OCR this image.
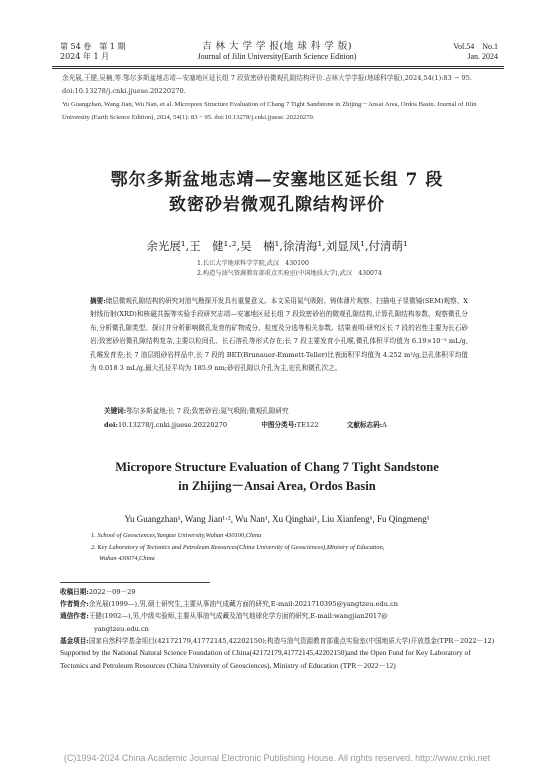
第 54 卷　第 1 期
2024 年 1 月
吉 林 大 学 学 报(地 球 科 学 版)
Journal of Jilin University(Earth Science Edition)
Vol.54　No.1
Jan. 2024
余光展,王健,吴楠,等.鄂尔多斯盆地志靖—安塞地区延长组 7 段致密砂岩微观孔隙结构评价.吉林大学学报(地球科学版),2024,54(1):83 − 95. doi:10.13278/j.cnki.jjuese.20220270.
Yu Guangzhan, Wang Jian, Wu Nan, et al. Micropore Structure Evaluation of Chang 7 Tight Sandstone in Zhijing－Ansai Area, Ordos Basin. Journal of Jilin University (Earth Science Edition), 2024, 54(1): 83 − 95. doi:10.13278/j.cnki.jjuese. 20220270.
鄂尔多斯盆地志靖—安塞地区延长组 7 段
致密砂岩微观孔隙结构评价
余光展¹,王　健¹·²,吴　楠¹,徐清海¹,刘显凤¹,付清萌¹
1.长江大学地球科学学院,武汉　430100
2.构造与油气资源教育部重点实验室(中国地质大学),武汉　430074
摘要:储层微观孔隙结构的研究对油气勘探开发具有重要意义。本文采用氮气吸附、铸体薄片观察、扫描电子显微镜(SEM)观察、X 射线衍射(XRD)和核磁共振等实验手段研究志靖—安塞地区延长组 7 段致密砂岩的微观孔隙结构,计算孔隙结构参数、观察微孔分布,分析微孔隙类型、探讨并分析影响微孔发育的矿物成分、粒度及分选等相关参数。结果表明:研究区长 7 段的岩性主要为长石砂岩;致密砂岩微孔隙结构复杂,主要以粒间孔、长石溶孔等形式存在;长 7 段主要发育小孔喉,微孔体积平均值为 6.19×10⁻³ mL/g,孔喉发育差;长 7 油层组砂岩样品中,长 7 段的 BET(Brunauer-Emmett-Teller)比表面积平均值为 4.252 m²/g,总孔体积平均值为 0.018 3 mL/g,最大孔径平均为 185.9 nm;砂岩孔隙以介孔为主,宏孔和微孔次之。
关键词:鄂尔多斯盆地;长 7 段;致密砂岩;氮气吸附;微观孔隙研究
doi:10.13278/j.cnki.jjuese.20220270	中图分类号:TE122	文献标志码:A
Micropore Structure Evaluation of Chang 7 Tight Sandstone
in Zhijing－Ansai Area, Ordos Basin
Yu Guangzhan¹, Wang Jian¹·², Wu Nan¹, Xu Qinghai¹, Liu Xianfeng¹, Fu Qingmeng¹
1. School of Geosciences,Yangtze University,Wuhan 430100,China
2. Key Laboratory of Tectonics and Petroleum Resources(China University of Geosciences),Ministry of Education,
Wuhan 430074,China
收稿日期:2022－09－29
作者简介:余光展(1999—),男,硕士研究生,主要从事油气成藏方面的研究,E-mail:2021710395@yangtzeu.edu.cn
通信作者:王健(1992—),男,中级实验师,主要从事油气成藏及油气地球化学方面的研究,E-mail:wangjian2017@
yangtzeu.edu.cn
基金项目:国家自然科学基金项目(42172179,41772145,42202150);构造与油气资源教育部重点实验室(中国地质大学)开放基金(TPR－2022－12)
Supported by the National Natural Science Foundation of China(42172179,41772145,42202150)and the Open Fund for Key Laboratory of Tectonics and Petroleum Resources (China University of Geosciences), Ministry of Education (TPR－2022－12)
(C)1994-2024 China Academic Journal Electronic Publishing House. All rights reserved. http://www.cnki.net
